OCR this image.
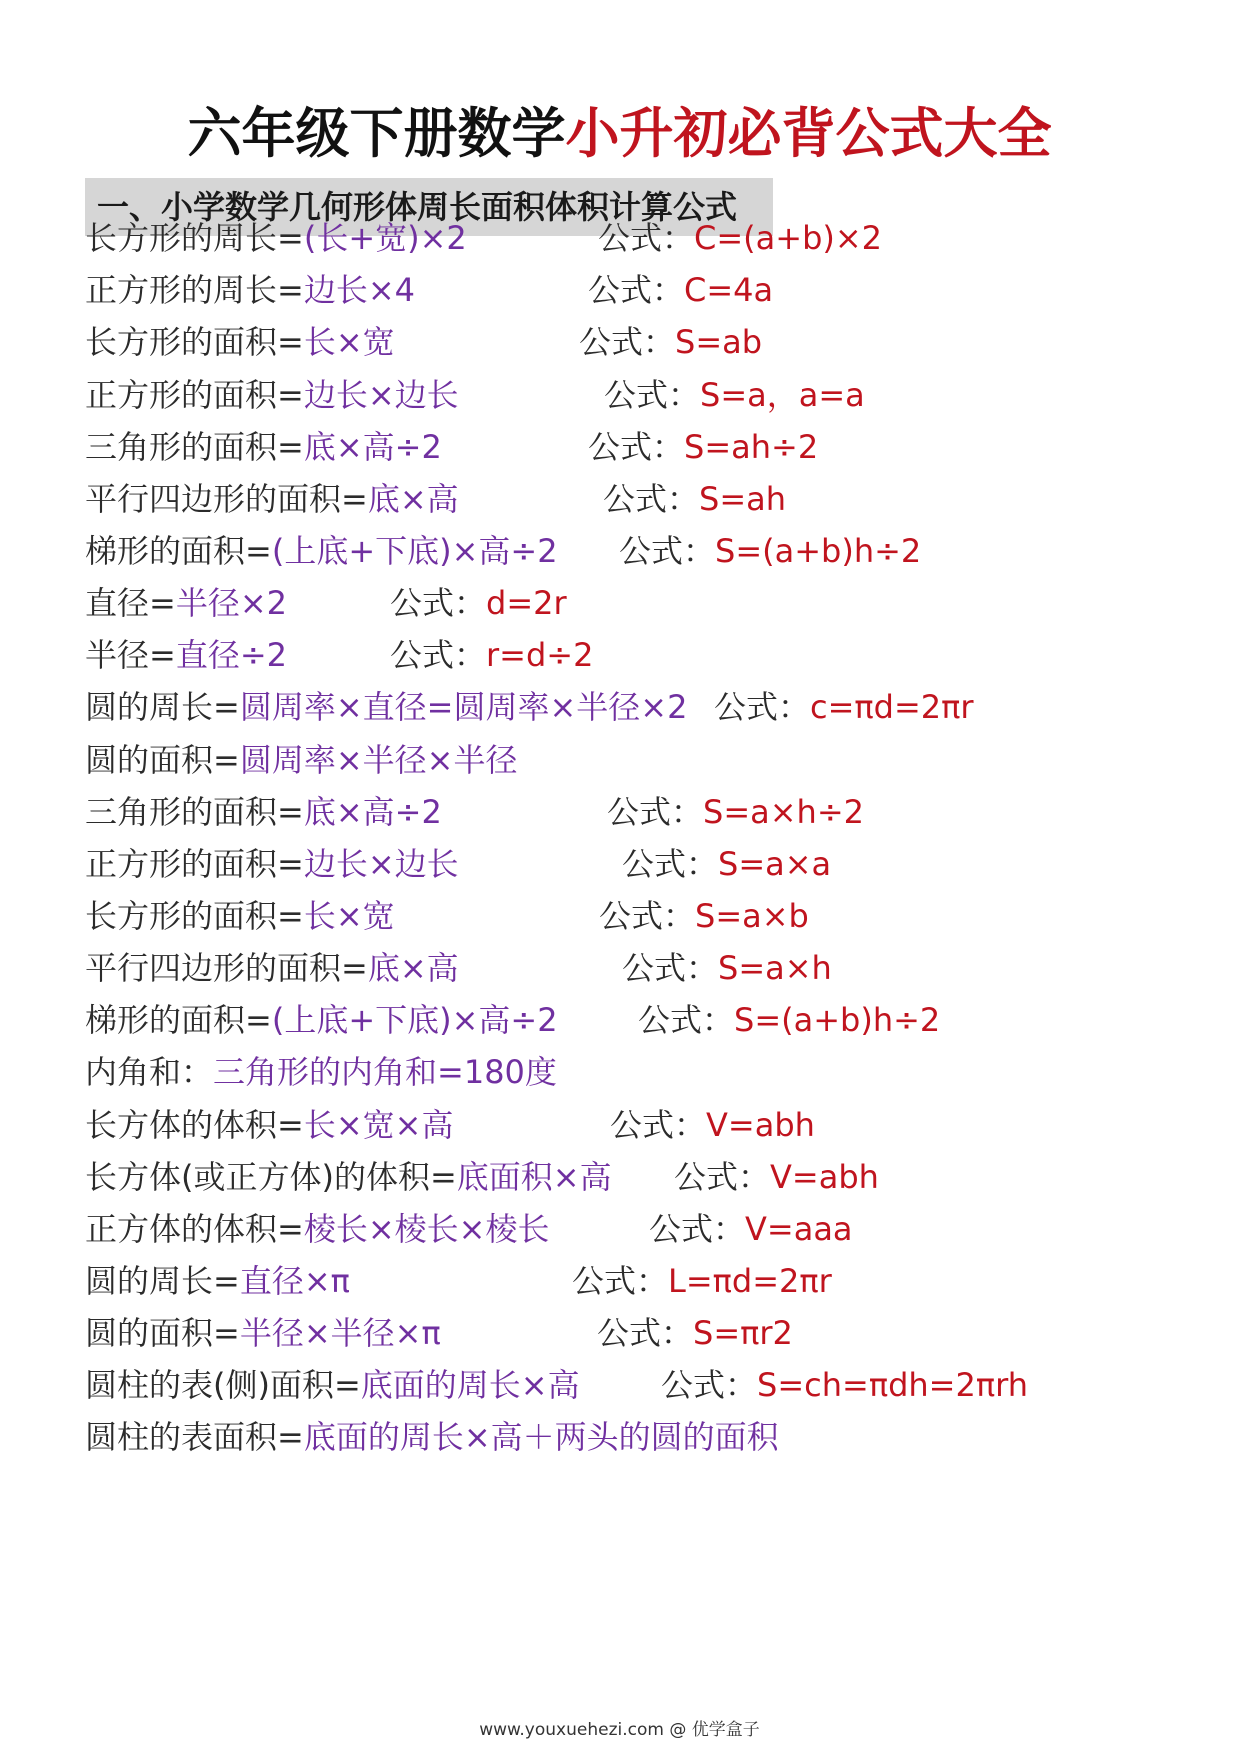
六年级下册数学小升初必背公式大全
一、小学数学几何形体周长面积体积计算公式
长方形的周长=(长+宽)×2	公式： C=(a+b)×2
正方形的周长=边长×4	公式： C=4a
长方形的面积=长×宽	公式： S=ab
正方形的面积=边长×边长	公式： S=a，a=a
三角形的面积=底×高÷2	公式： S=ah÷2
平行四边形的面积=底×高	公式： S=ah
梯形的面积=(上底+下底)×高÷2 公式： S=(a+b)h÷2
直径=半径×2	公式： d=2r
半径=直径÷2	公式： r=d÷2
圆的周长=圆周率×直径=圆周率×半径×2 公式： c=πd=2πr
圆的面积=圆周率×半径×半径
三角形的面积=底×高÷2	公式： S=a×h÷2
正方形的面积=边长×边长	公式： S=a×a
长方形的面积=长×宽	公式： S=a×b
平行四边形的面积=底×高	公式： S=a×h
梯形的面积=(上底+下底)×高÷2	公式： S=(a+b)h÷2
内角和：三角形的内角和=180度
长方体的体积=长×宽×高	公式： V=abh
长方体(或正方体)的体积=底面积×高 公式： V=abh
正方体的体积=棱长×棱长×棱长	公式： V=aaa
圆的周长=直径×π	公式： L=πd=2πr
圆的面积=半径×半径×π	公式： S=πr2
圆柱的表(侧)面积=底面的周长×高	公式： S=ch=πdh=2πrh
圆柱的表面积=底面的周长×高＋两头的圆的面积
www.youxuehezi.com @ 优学盒子
